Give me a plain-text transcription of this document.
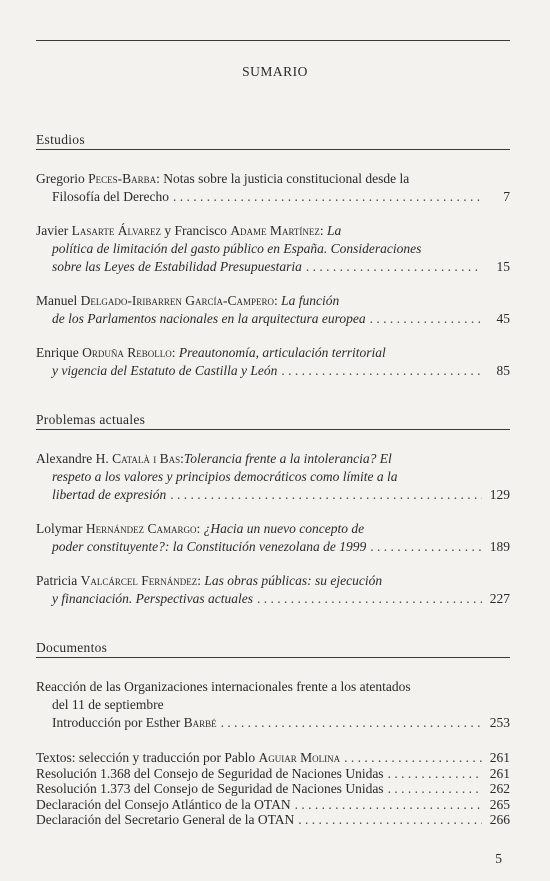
SUMARIO
Estudios
Gregorio Peces-Barba: Notas sobre la justicia constitucional desde la
Filosofía del Derecho . . .	7
Javier Lasarte Álvarez y Francisco Adame Martínez: La
política de limitación del gasto público en España. Consideraciones
sobre las Leyes de Estabilidad Presupuestaria . . .	15
Manuel Delgado-Iribarren García-Campero: La función
de los Parlamentos nacionales en la arquitectura europea . . .	45
Enrique Orduña Rebollo: Preautonomía, articulación territorial
y vigencia del Estatuto de Castilla y León . . .	85
Problemas actuales
Alexandre H. Català i Bas:Tolerancia frente a la intolerancia? El
respeto a los valores y principios democráticos como límite a la
libertad de expresión . . .	129
Lolymar Hernández Camargo: ¿Hacia un nuevo concepto de
poder constituyente?: la Constitución venezolana de 1999 . . .	189
Patricia Valcárcel Fernández: Las obras públicas: su ejecución
y financiación. Perspectivas actuales . . .	227
Documentos
Reacción de las Organizaciones internacionales frente a los atentados
del 11 de septiembre
Introducción por Esther Barbé . . .	253
Textos: selección y traducción por Pablo Aguiar Molina . . .	261
Resolución 1.368 del Consejo de Seguridad de Naciones Unidas . . .	261
Resolución 1.373 del Consejo de Seguridad de Naciones Unidas . . .	262
Declaración del Consejo Atlántico de la OTAN . . .	265
Declaración del Secretario General de la OTAN . . .	266
5
